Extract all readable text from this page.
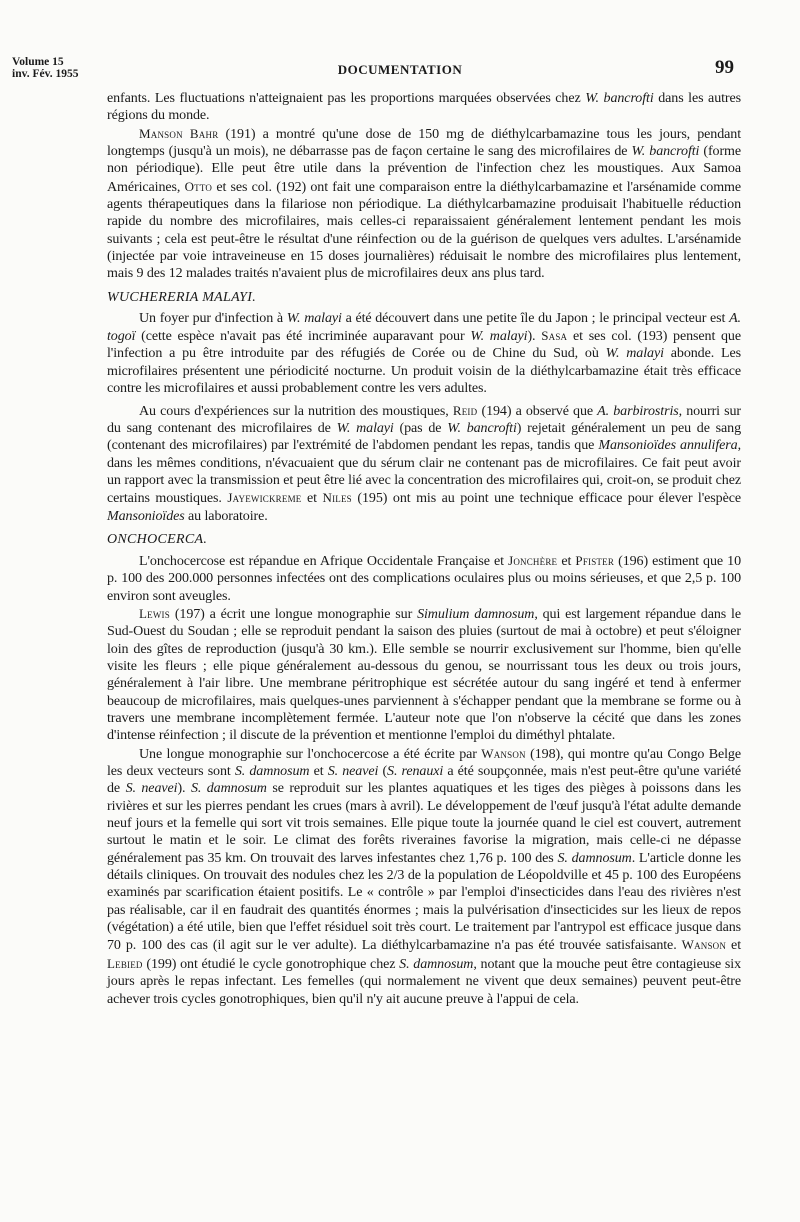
Volume 15
inv. Fév. 1955	DOCUMENTATION	99

enfants. Les fluctuations n'atteignaient pas les proportions marquées observées chez W. bancrofti dans les autres régions du monde.

Manson Bahr (191) a montré qu'une dose de 150 mg de diéthylcarbamazine tous les jours, pendant longtemps (jusqu'à un mois), ne débarrasse pas de façon certaine le sang des microfilaires de W. bancrofti (forme non périodique). Elle peut être utile dans la prévention de l'infection chez les moustiques. Aux Samoa Américaines, Otto et ses col. (192) ont fait une comparaison entre la diéthylcarbamazine et l'arsénamide comme agents thérapeutiques dans la filariose non périodique. La diéthylcarbamazine produisait l'habituelle réduction rapide du nombre des microfilaires, mais celles-ci reparaissaient généralement lentement pendant les mois suivants ; cela est peut-être le résultat d'une réinfection ou de la guérison de quelques vers adultes. L'arsénamide (injectée par voie intraveineuse en 15 doses journalières) réduisait le nombre des microfilaires plus lentement, mais 9 des 12 malades traités n'avaient plus de microfilaires deux ans plus tard.

WUCHERERIA MALAYI.

Un foyer pur d'infection à W. malayi a été découvert dans une petite île du Japon ; le principal vecteur est A. togoï (cette espèce n'avait pas été incriminée auparavant pour W. malayi). Sasa et ses col. (193) pensent que l'infection a pu être introduite par des réfugiés de Corée ou de Chine du Sud, où W. malayi abonde. Les microfilaires présentent une périodicité nocturne. Un produit voisin de la diéthylcarbamazine était très efficace contre les microfilaires et aussi probablement contre les vers adultes.

Au cours d'expériences sur la nutrition des moustiques, Reid (194) a observé que A. barbirostris, nourri sur du sang contenant des microfilaires de W. malayi (pas de W. bancrofti) rejetait généralement un peu de sang (contenant des microfilaires) par l'extrémité de l'abdomen pendant les repas, tandis que Mansonioïdes annulifera, dans les mêmes conditions, n'évacuaient que du sérum clair ne contenant pas de microfilaires. Ce fait peut avoir un rapport avec la transmission et peut être lié avec la concentration des microfilaires qui, croit-on, se produit chez certains moustiques. Jayewickreme et Niles (195) ont mis au point une technique efficace pour élever l'espèce Mansonioïdes au laboratoire.

ONCHOCERCA.

L'onchocercose est répandue en Afrique Occidentale Française et Jonchère et Pfister (196) estiment que 10 p. 100 des 200.000 personnes infectées ont des complications oculaires plus ou moins sérieuses, et que 2,5 p. 100 environ sont aveugles.

Lewis (197) a écrit une longue monographie sur Simulium damnosum, qui est largement répandue dans le Sud-Ouest du Soudan ; elle se reproduit pendant la saison des pluies (surtout de mai à octobre) et peut s'éloigner loin des gîtes de reproduction (jusqu'à 30 km.). Elle semble se nourrir exclusivement sur l'homme, bien qu'elle visite les fleurs ; elle pique généralement au-dessous du genou, se nourrissant tous les deux ou trois jours, généralement à l'air libre. Une membrane péritrophique est sécrétée autour du sang ingéré et tend à enfermer beaucoup de microfilaires, mais quelques-unes parviennent à s'échapper pendant que la membrane se forme ou à travers une membrane incomplètement fermée. L'auteur note que l'on n'observe la cécité que dans les zones d'intense réinfection ; il discute de la prévention et mentionne l'emploi du diméthyl phtalate.

Une longue monographie sur l'onchocercose a été écrite par Wanson (198), qui montre qu'au Congo Belge les deux vecteurs sont S. damnosum et S. neavei (S. renauxi a été soupçonnée, mais n'est peut-être qu'une variété de S. neavei). S. damnosum se reproduit sur les plantes aquatiques et les tiges des pièges à poissons dans les rivières et sur les pierres pendant les crues (mars à avril). Le développement de l'œuf jusqu'à l'état adulte demande neuf jours et la femelle qui sort vit trois semaines. Elle pique toute la journée quand le ciel est couvert, autrement surtout le matin et le soir. Le climat des forêts riveraines favorise la migration, mais celle-ci ne dépasse généralement pas 35 km. On trouvait des larves infestantes chez 1,76 p. 100 des S. damnosum. L'article donne les détails cliniques. On trouvait des nodules chez les 2/3 de la population de Léopoldville et 45 p. 100 des Européens examinés par scarification étaient positifs. Le « contrôle » par l'emploi d'insecticides dans l'eau des rivières n'est pas réalisable, car il en faudrait des quantités énormes ; mais la pulvérisation d'insecticides sur les lieux de repos (végétation) a été utile, bien que l'effet résiduel soit très court. Le traitement par l'antrypol est efficace jusque dans 70 p. 100 des cas (il agit sur le ver adulte). La diéthylcarbamazine n'a pas été trouvée satisfaisante. Wanson et Lebied (199) ont étudié le cycle gonotrophique chez S. damnosum, notant que la mouche peut être contagieuse six jours après le repas infectant. Les femelles (qui normalement ne vivent que deux semaines) peuvent peut-être achever trois cycles gonotrophiques, bien qu'il n'y ait aucune preuve à l'appui de cela.
